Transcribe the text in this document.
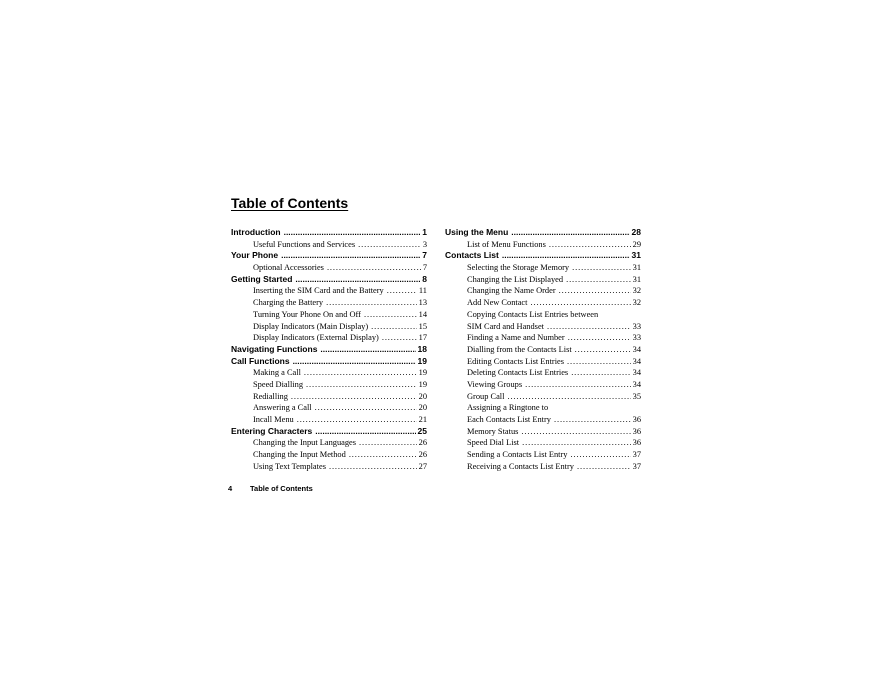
Table of Contents
Introduction .....	1
Useful Functions and Services . . .	3
Your Phone .....	7
Optional Accessories . . .	7
Getting Started .....	8
Inserting the SIM Card and the Battery . . .	11
Charging the Battery . . .	13
Turning Your Phone On and Off . . .	14
Display Indicators (Main Display) . . .	15
Display Indicators (External Display) . . .	17
Navigating Functions .....	18
Call Functions .....	19
Making a Call . . .	19
Speed Dialling . . .	19
Redialling . . .	20
Answering a Call . . .	20
Incall Menu . . .	21
Entering Characters .....	25
Changing the Input Languages . . .	26
Changing the Input Method . . .	26
Using Text Templates . . .	27
Using the Menu .....	28
List of Menu Functions . . .	29
Contacts List .....	31
Selecting the Storage Memory . . .	31
Changing the List Displayed . . .	31
Changing the Name Order . . .	32
Add New Contact . . .	32
Copying Contacts List Entries between
SIM Card and Handset . . .	33
Finding a Name and Number . . .	33
Dialling from the Contacts List . . .	34
Editing Contacts List Entries . . .	34
Deleting Contacts List Entries . . .	34
Viewing Groups . . .	34
Group Call . . .	35
Assigning a Ringtone to
Each Contacts List Entry . . .	36
Memory Status . . .	36
Speed Dial List . . .	36
Sending a Contacts List Entry . . .	37
Receiving a Contacts List Entry . . .	37
4 Table of Contents
